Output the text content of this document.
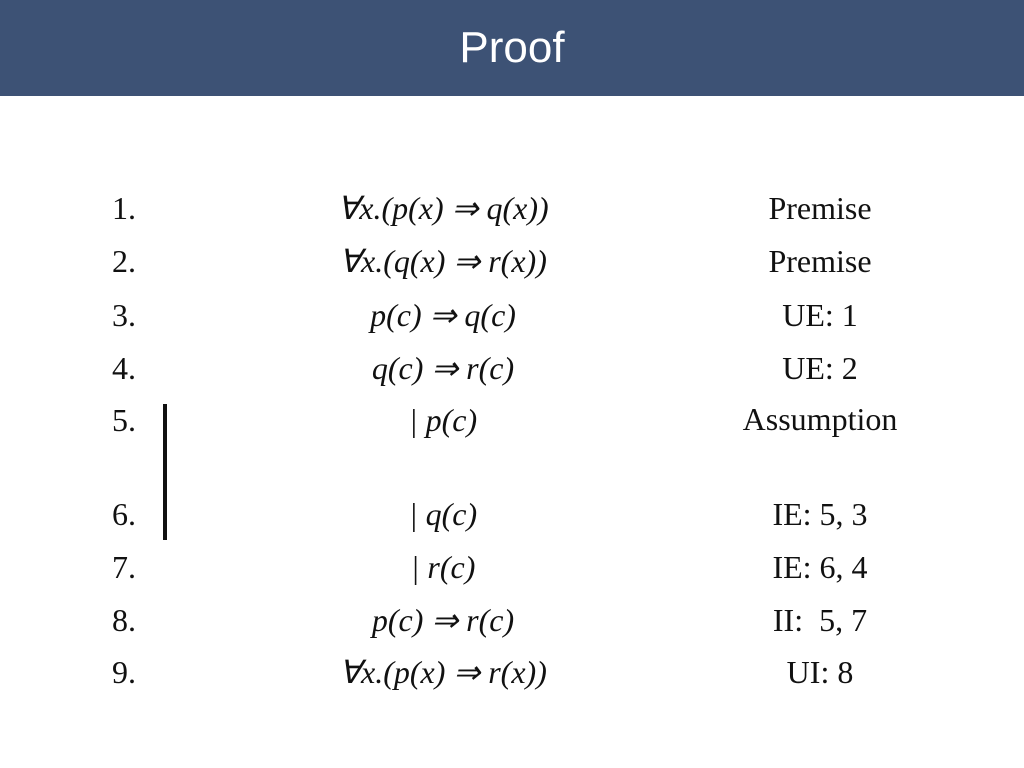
Proof
1.	∀x.(p(x) ⇒ q(x))	Premise
2.	∀x.(q(x) ⇒ r(x))	Premise
3.	p(c) ⇒ q(c)	UE: 1
4.	q(c) ⇒ r(c)	UE: 2
5.	| p(c)	Assumption
6.	| q(c)	IE: 5, 3
7.	| r(c)	IE: 6, 4
8.	p(c) ⇒ r(c)	II:  5, 7
9.	∀x.(p(x) ⇒ r(x))	UI: 8
